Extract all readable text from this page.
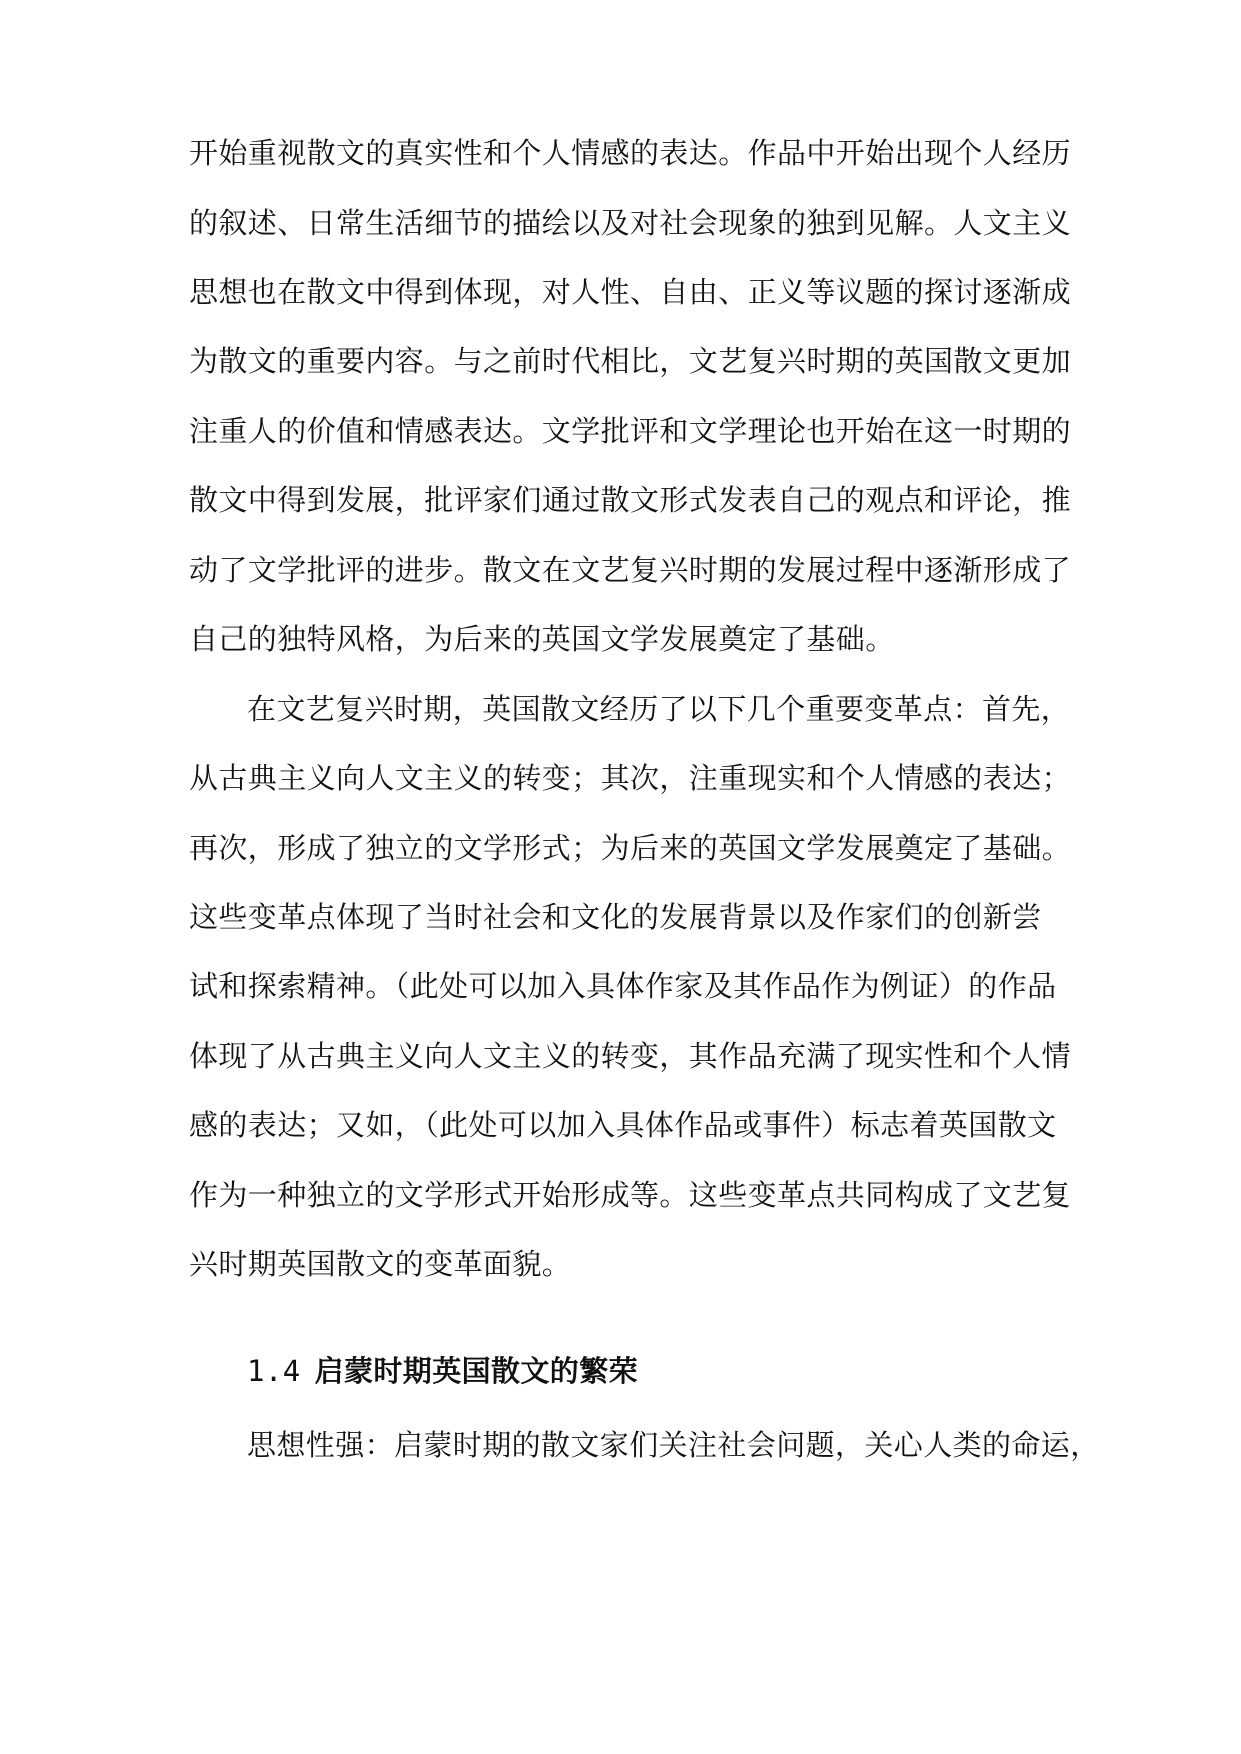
开始重视散文的真实性和个人情感的表达。作品中开始出现个人经历
的叙述、日常生活细节的描绘以及对社会现象的独到见解。人文主义
思想也在散文中得到体现，对人性、自由、正义等议题的探讨逐渐成
为散文的重要内容。与之前时代相比，文艺复兴时期的英国散文更加
注重人的价值和情感表达。文学批评和文学理论也开始在这一时期的
散文中得到发展，批评家们通过散文形式发表自己的观点和评论，推
动了文学批评的进步。散文在文艺复兴时期的发展过程中逐渐形成了
自己的独特风格，为后来的英国文学发展奠定了基础。
在文艺复兴时期，英国散文经历了以下几个重要变革点：首先，
从古典主义向人文主义的转变；其次，注重现实和个人情感的表达；
再次，形成了独立的文学形式；为后来的英国文学发展奠定了基础。
这些变革点体现了当时社会和文化的发展背景以及作家们的创新尝
试和探索精神。（此处可以加入具体作家及其作品作为例证）的作品
体现了从古典主义向人文主义的转变，其作品充满了现实性和个人情
感的表达；又如，（此处可以加入具体作品或事件）标志着英国散文
作为一种独立的文学形式开始形成等。这些变革点共同构成了文艺复
兴时期英国散文的变革面貌。
1.4 启蒙时期英国散文的繁荣
思想性强：启蒙时期的散文家们关注社会问题，关心人类的命运，
